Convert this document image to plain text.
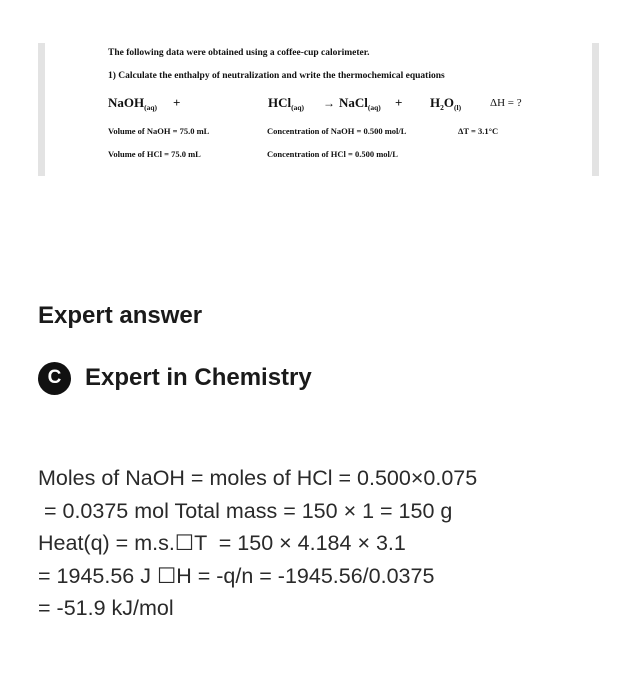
The following data were obtained using a coffee-cup calorimeter.
1) Calculate the enthalpy of neutralization and write the thermochemical equations
NaOH$_{(aq)}$ +	HCl$_{(aq)}$ → NaCl$_{(aq)}$ + $H_2O_{(l)}$	ΔH = ?
Volume of NaOH = 75.0 mL	Concentration of NaOH = 0.500 mol/L	ΔT = 3.1°C
Volume of HCl = 75.0 mL	Concentration of HCl = 0.500 mol/L
Expert answer
C Expert in Chemistry
Moles of NaOH = moles of HCl = 0.500×0.075
= 0.0375 mol Total mass = 150 × 1 = 150 g
Heat(q) = m.s.☐T  = 150 × 4.184 × 3.1
= 1945.56 J ☐H = -q/n = -1945.56/0.0375
= -51.9 kJ/mol
